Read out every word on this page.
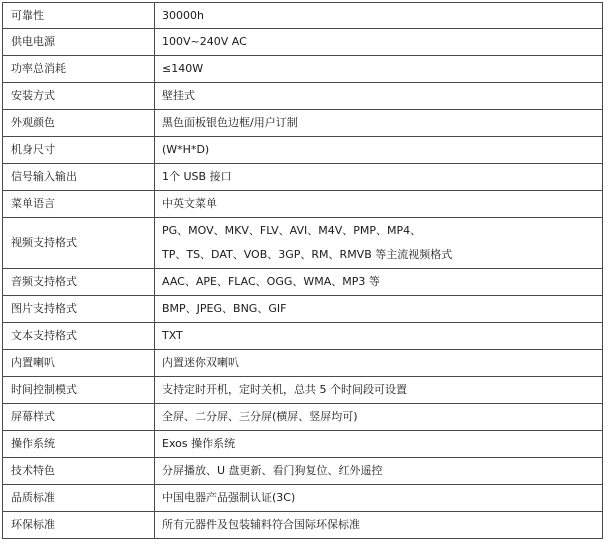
可靠性	30000h
供电电源	100V~240V AC
功率总消耗	≤140W
安装方式	壁挂式
外观颜色	黑色面板银色边框/用户订制
机身尺寸	(W*H*D)
信号输入输出	1个 USB 接口
菜单语言	中英文菜单
视频支持格式	PG、MOV、MKV、FLV、AVI、M4V、PMP、MP4、
TP、TS、DAT、VOB、3GP、RM、RMVB 等主流视频格式

音频支持格式	AAC、APE、FLAC、OGG、WMA、MP3 等
图片支持格式	BMP、JPEG、BNG、GIF
文本支持格式	TXT
内置喇叭	内置迷你双喇叭
时间控制模式	支持定时开机，定时关机，总共 5 个时间段可设置
屏幕样式	全屏、二分屏、三分屏(横屏、竖屏均可)
操作系统	Exos 操作系统
技术特色	分屏播放、U 盘更新、看门狗复位、红外遥控
品质标准	中国电器产品强制认证(3C)
环保标准	所有元器件及包装辅料符合国际环保标准
